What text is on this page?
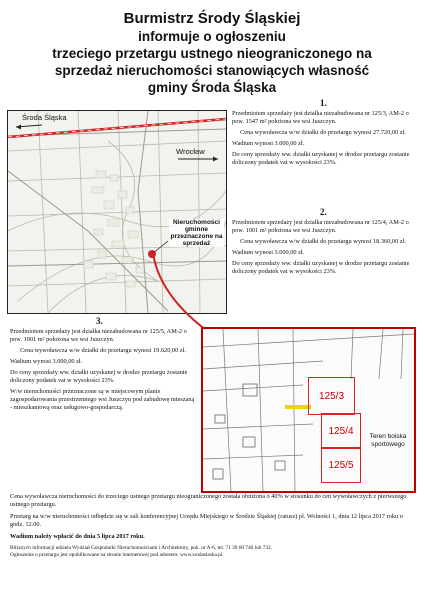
Burmistrz Środy Śląskiej
informuje o ogłoszeniu
trzeciego przetargu ustnego nieograniczonego na
sprzedaż nieruchomości stanowiących własność
gminy Środa Śląska
Środa Śląska
Wrocław
Nieruchomości gminne przeznaczone na sprzedaż
1.

Przedmiotem sprzedaży jest działka niezabudowana nr 125/3, AM-2 o pow. 1547 m² położona we wsi Juszczyn.

Cena wywoławcza w/w działki do przetargu wynosi 27.720,00 zł.

Wadium wynosi 3.000,00 zł.

Do ceny sprzedaży ww. działki uzyskanej w drodze przetargu zostanie doliczony podatek vat w wysokości 23%.

2.

Przedmiotem sprzedaży jest działka niezabudowana nr 125/4, AM-2 o pow. 1001 m² położona we wsi Juszczyn.

Cena wywoławcza w/w działki do przetargu wynosi 18.360,00 zł.

Wadium wynosi 3.000,00 zł.

Do ceny sprzedaży ww. działki uzyskanej w drodze przetargu zostanie doliczony podatek vat w wysokości 23%.

3.

Przedmiotem sprzedaży jest działka niezabudowana nr 125/5, AM-2 o pow. 1001 m² położona we wsi Juszczyn.

Cena wywoławcza w/w działki do przetargu wynosi 19.620,00 zł.

Wadium wynosi 3.000,00 zł.

Do ceny sprzedaży ww. działki uzyskanej w drodze przetargu zostanie doliczony podatek vat w wysokości 23%.

W/w nieruchomości przeznaczone są w miejscowym planie zagospodarowania przestrzennego wsi Juszczyn pod zabudowę mieszaną - mieszkaniową oraz usługowo-gospodarczą.

125/3
125/4
125/5
Teren boiska sportowego

Cena wywoławcza nieruchomości do trzeciego ustnego przetargu nieograniczonego została obniżona o 40% w stosunku do cen wywoławczych z pierwszego ustnego przetargu.

Przetarg na w/w nieruchomości odbędzie się w sali konferencyjnej Urzędu Miejskiego w Środzie Śląskiej (ratusz) pl. Wolności 1, dnia 12 lipca 2017 roku o godz. 12.00.

Wadium należy wpłacić do dnia 5 lipca 2017 roku.

Bliższych informacji udziela Wydział Gospodarki Nieruchomościami i Architektury, pok. nr A-6, tel. 71 39 60 746 lub 732.

Ogłoszenie o przetargu jest opublikowane na stronie internetowej pod adresem: www.srodaslaska.pl.
